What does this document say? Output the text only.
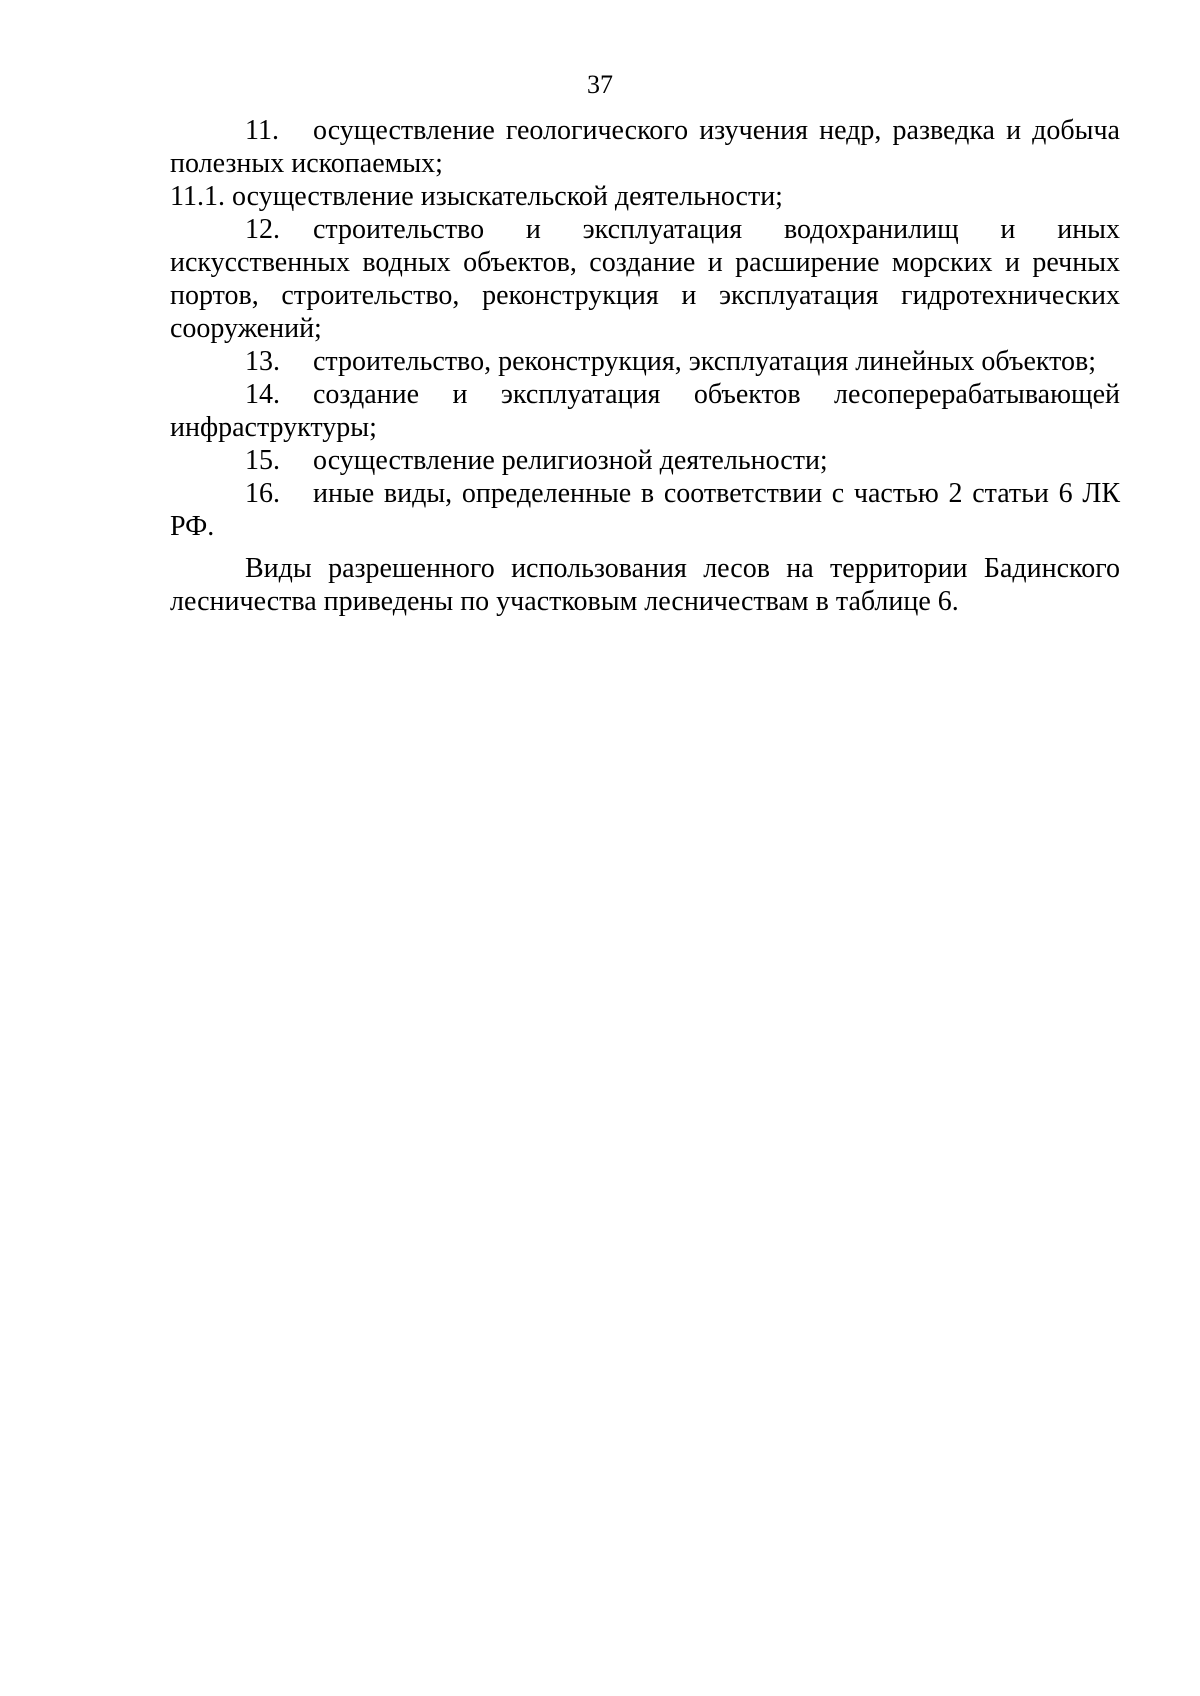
37

11. осуществление геологического изучения недр, разведка и добыча полезных ископаемых;

11.1. осуществление изыскательской деятельности;

12. строительство и эксплуатация водохранилищ и иных искусственных водных объектов, создание и расширение морских и речных портов, строительство, реконструкция и эксплуатация гидротехнических сооружений;

13. строительство, реконструкция, эксплуатация линейных объектов;

14. создание и эксплуатация объектов лесоперерабатывающей инфраструктуры;

15. осуществление религиозной деятельности;

16. иные виды, определенные в соответствии с частью 2 статьи 6 ЛК РФ.

Виды разрешенного использования лесов на территории Бадинского лесничества приведены по участковым лесничествам в таблице 6.
